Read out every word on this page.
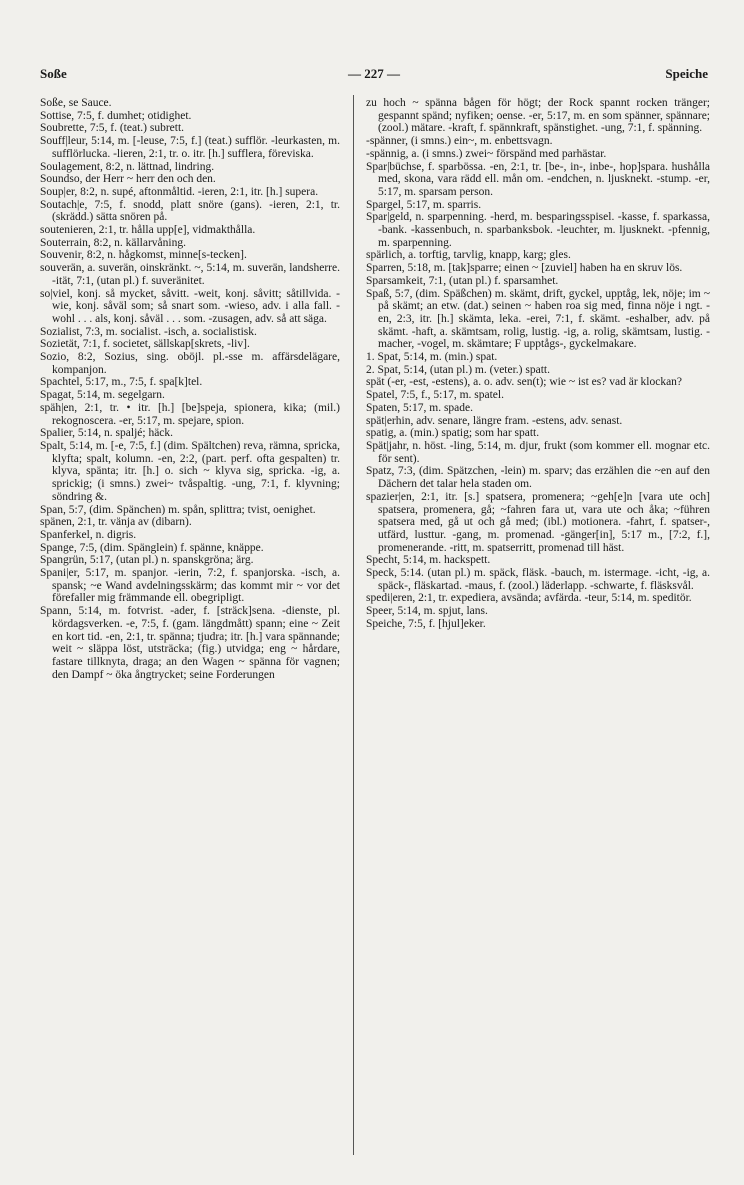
Soße	— 227 —	Speiche

Soße, se Sauce.

Sottise, 7:5, f. dumhet; otidighet.

Soubrette, 7:5, f. (teat.) subrett.

Souff|leur, 5:14, m. [-leuse, 7:5, f.] (teat.) sufflör. -leurkasten, m. sufflörlucka. -lieren, 2:1, tr. o. itr. [h.] sufflera, föreviska.

Soulagement, 8:2, n. lättnad, lindring.

Soundso, der Herr ~ herr den och den.

Soup|er, 8:2, n. supé, aftonmåltid. -ieren, 2:1, itr. [h.] supera.

Soutach|e, 7:5, f. snodd, platt snöre (gans). -ieren, 2:1, tr. (skrädd.) sätta snören på.

soutenieren, 2:1, tr. hålla upp[e], vidmakthålla.

Souterrain, 8:2, n. källarvåning.

Souvenir, 8:2, n. hågkomst, minne[s-tecken].

souverän, a. suverän, oinskränkt. ~, 5:14, m. suverän, landsherre. -ität, 7:1, (utan pl.) f. suveränitet.

so|viel, konj. så mycket, såvitt. -weit, konj. såvitt; såtillvida. -wie, konj. såväl som; så snart som. -wieso, adv. i alla fall. -wohl . . . als, konj. såväl . . . som. -zusagen, adv. så att säga.

Sozialist, 7:3, m. socialist. -isch, a. socialistisk.

Sozietät, 7:1, f. societet, sällskap[skrets, -liv].

Sozio, 8:2, Sozius, sing. oböjl. pl.-sse m. affärsdelägare, kompanjon.

Spachtel, 5:17, m., 7:5, f. spa[k]tel.

Spagat, 5:14, m. segelgarn.

späh|en, 2:1, tr. • itr. [h.] [be]speja, spionera, kika; (mil.) rekognoscera. -er, 5:17, m. spejare, spion.

Spalier, 5:14, n. spaljé; häck.

Spalt, 5:14, m. [-e, 7:5, f.] (dim. Spältchen) reva, rämna, spricka, klyfta; spalt, kolumn. -en, 2:2, (part. perf. ofta gespalten) tr. klyva, spänta; itr. [h.] o. sich ~ klyva sig, spricka. -ig, a. sprickig; (i smns.) zwei~ tvåspaltig. -ung, 7:1, f. klyvning; söndring &.

Span, 5:7, (dim. Spänchen) m. spån, splittra; tvist, oenighet.

spänen, 2:1, tr. vänja av (dibarn).

Spanferkel, n. digris.

Spange, 7:5, (dim. Spänglein) f. spänne, knäppe.

Spangrün, 5:17, (utan pl.) n. spanskgröna; ärg.

Spani|er, 5:17, m. spanjor. -ierin, 7:2, f. spanjorska. -isch, a. spansk; ~e Wand avdelningsskärm; das kommt mir ~ vor det förefaller mig främmande ell. obegripligt.

Spann, 5:14, m. fotvrist. -ader, f. [sträck]sena. -dienste, pl. kördagsverken. -e, 7:5, f. (gam. längdmått) spann; eine ~ Zeit en kort tid. -en, 2:1, tr. spänna; tjudra; itr. [h.] vara spännande; weit ~ släppa löst, utsträcka; (fig.) utvidga; eng ~ hårdare, fastare tillknyta, draga; an den Wagen ~ spänna för vagnen; den Dampf ~ öka ångtrycket; seine Forderungen

zu hoch ~ spänna bågen för högt; der Rock spannt rocken tränger; gespannt spänd; nyfiken; oense. -er, 5:17, m. en som spänner, spännare; (zool.) mätare. -kraft, f. spännkraft, spänstighet. -ung, 7:1, f. spänning.

-spänner, (i smns.) ein~, m. enbettsvagn.

-spännig, a. (i smns.) zwei~ förspänd med parhästar.

Spar|büchse, f. sparbössa. -en, 2:1, tr. [be-, in-, inbe-, hop]spara. hushålla med, skona, vara rädd ell. mån om. -endchen, n. ljusknekt. -stump. -er, 5:17, m. sparsam person.

Spargel, 5:17, m. sparris.

Spar|geld, n. sparpenning. -herd, m. besparingsspisel. -kasse, f. sparkassa, -bank. -kassenbuch, n. sparbanksbok. -leuchter, m. ljusknekt. -pfennig, m. sparpenning.

spärlich, a. torftig, tarvlig, knapp, karg; gles.

Sparren, 5:18, m. [tak]sparre; einen ~ [zuviel] haben ha en skruv lös.

Sparsamkeit, 7:1, (utan pl.) f. sparsamhet.

Spaß, 5:7, (dim. Späßchen) m. skämt, drift, gyckel, upptåg, lek, nöje; im ~ på skämt; an etw. (dat.) seinen ~ haben roa sig med, finna nöje i ngt. -en, 2:3, itr. [h.] skämta, leka. -erei, 7:1, f. skämt. -eshalber, adv. på skämt. -haft, a. skämtsam, rolig, lustig. -ig, a. rolig, skämtsam, lustig. -macher, -vogel, m. skämtare; F upptågs-, gyckelmakare.

1. Spat, 5:14, m. (min.) spat.

2. Spat, 5:14, (utan pl.) m. (veter.) spatt.

spät (-er, -est, -estens), a. o. adv. sen(t); wie ~ ist es? vad är klockan?

Spatel, 7:5, f., 5:17, m. spatel.

Spaten, 5:17, m. spade.

spät|erhin, adv. senare, längre fram. -estens, adv. senast.

spatig, a. (min.) spatig; som har spatt.

Spät|jahr, n. höst. -ling, 5:14, m. djur, frukt (som kommer ell. mognar etc. för sent).

Spatz, 7:3, (dim. Spätzchen, -lein) m. sparv; das erzählen die ~en auf den Dächern det talar hela staden om.

spazier|en, 2:1, itr. [s.] spatsera, promenera; ~geh[e]n [vara ute och] spatsera, promenera, gå; ~fahren fara ut, vara ute och åka; ~führen spatsera med, gå ut och gå med; (ibl.) motionera. -fahrt, f. spatser-, utfärd, lusttur. -gang, m. promenad. -gänger[in], 5:17 m., [7:2, f.], promenerande. -ritt, m. spatserritt, promenad till häst.

Specht, 5:14, m. hackspett.

Speck, 5:14. (utan pl.) m. späck, fläsk. -bauch, m. istermage. -icht, -ig, a. späck-, fläskartad. -maus, f. (zool.) läderlapp. -schwarte, f. fläsksvål.

spedi|eren, 2:1, tr. expediera, avsända; avfärda. -teur, 5:14, m. speditör.

Speer, 5:14, m. spjut, lans.

Speiche, 7:5, f. [hjul]eker.
